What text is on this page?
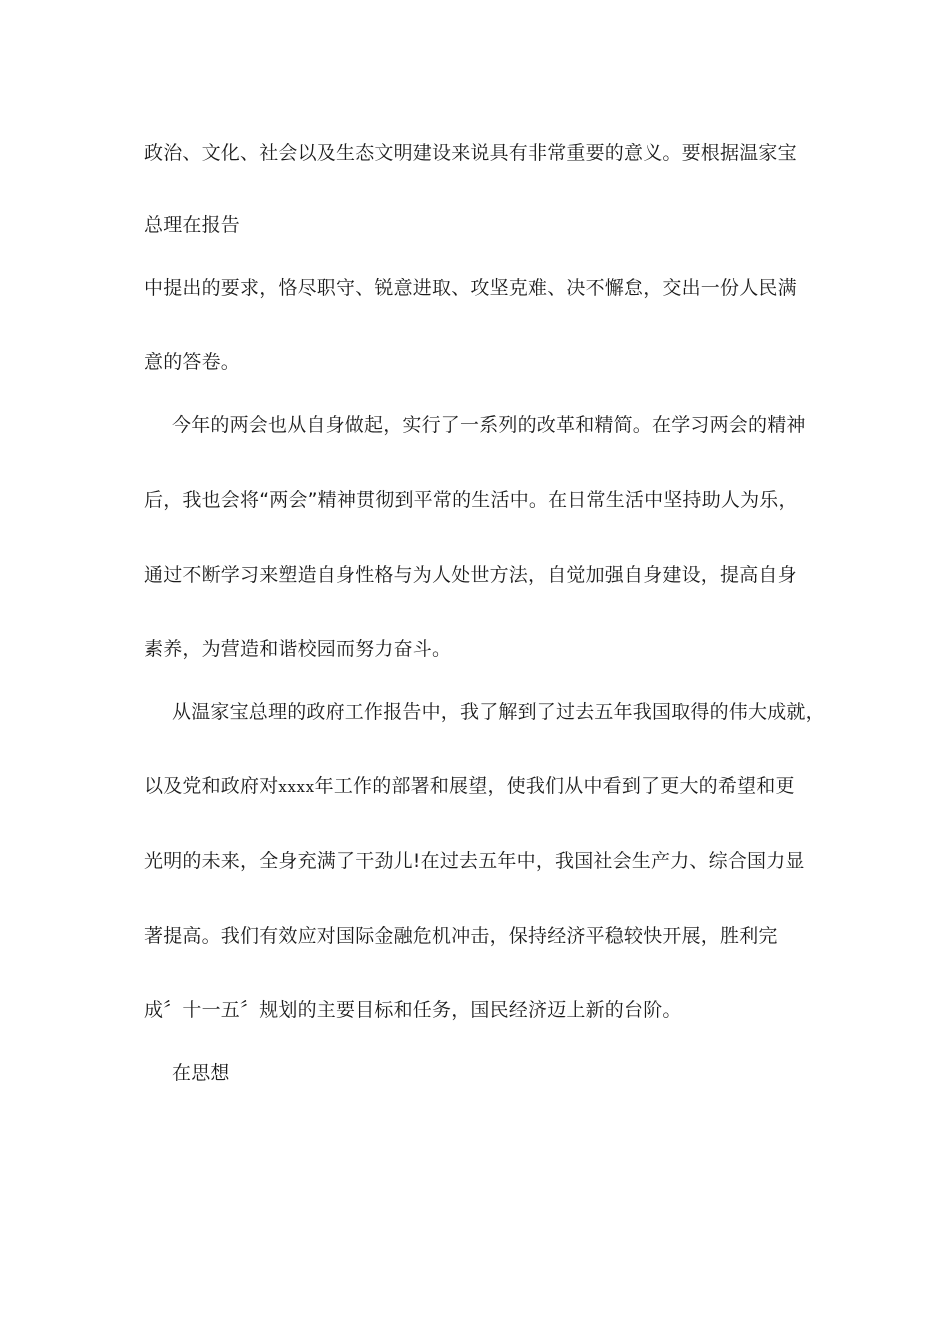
政治、文化、社会以及生态文明建设来说具有非常重要的意义。要根据温家宝
总理在报告
中提出的要求，恪尽职守、锐意进取、攻坚克难、决不懈怠，交出一份人民满
意的答卷。
今年的两会也从自身做起，实行了一系列的改革和精简。在学习两会的精神
后，我也会将“两会”精神贯彻到平常的生活中。在日常生活中坚持助人为乐，
通过不断学习来塑造自身性格与为人处世方法，自觉加强自身建设，提高自身
素养，为营造和谐校园而努力奋斗。
从温家宝总理的政府工作报告中，我了解到了过去五年我国取得的伟大成就，
以及党和政府对xxxx年工作的部署和展望，使我们从中看到了更大的希望和更
光明的未来，全身充满了干劲儿!在过去五年中，我国社会生产力、综合国力显
著提高。我们有效应对国际金融危机冲击，保持经济平稳较快开展，胜利完
成〞十一五〞规划的主要目标和任务，国民经济迈上新的台阶。
在思想
